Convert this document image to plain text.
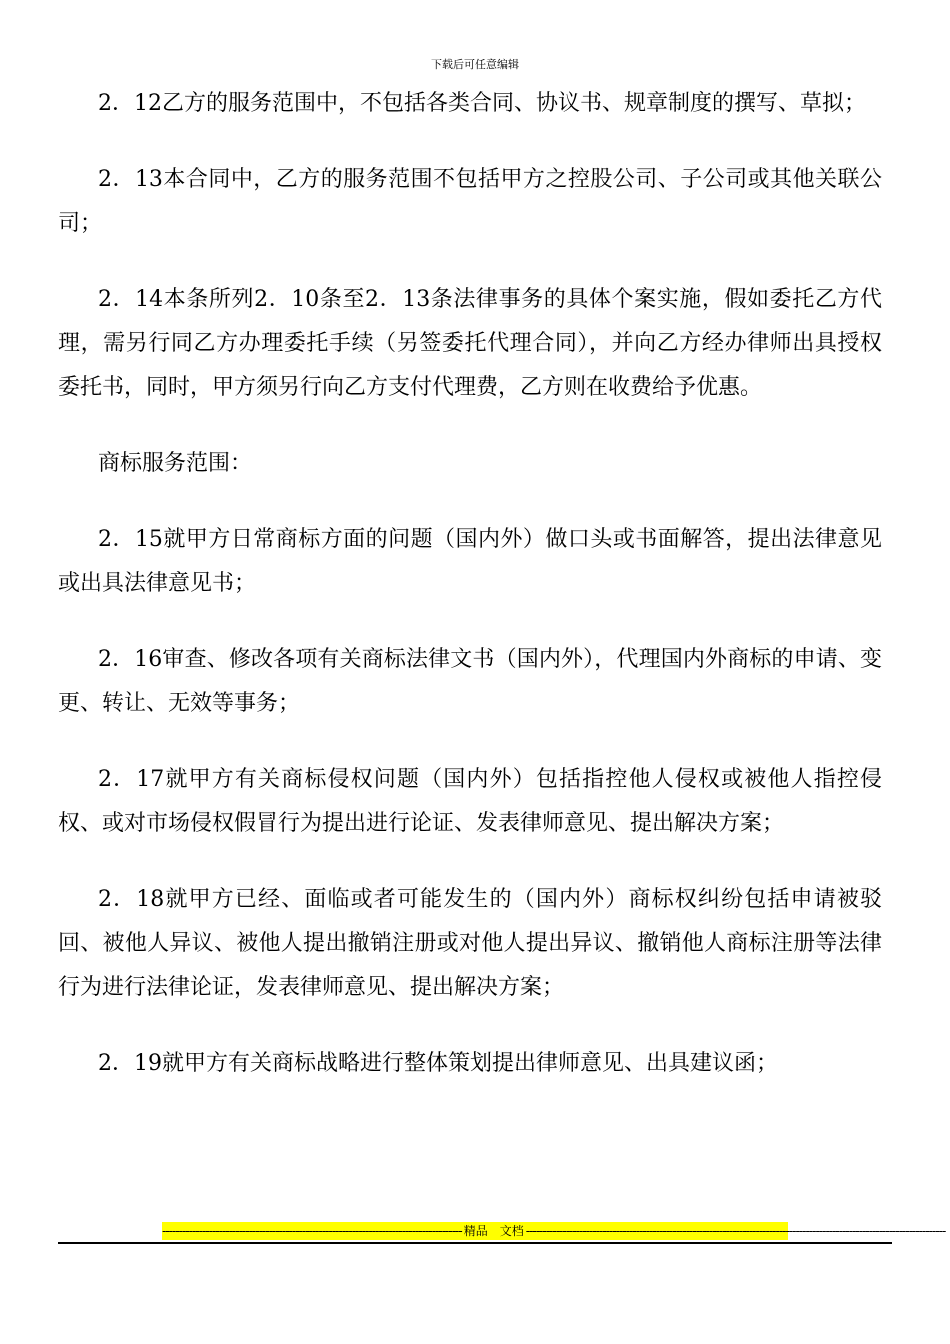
下载后可任意编辑

2．12乙方的服务范围中，不包括各类合同、协议书、规章制度的撰写、草拟；

2．13本合同中，乙方的服务范围不包括甲方之控股公司、子公司或其他关联公司；

2．14本条所列2．10条至2．13条法律事务的具体个案实施，假如委托乙方代理，需另行同乙方办理委托手续（另签委托代理合同），并向乙方经办律师出具授权委托书，同时，甲方须另行向乙方支付代理费，乙方则在收费给予优惠。

商标服务范围：

2．15就甲方日常商标方面的问题（国内外）做口头或书面解答，提出法律意见或出具法律意见书；

2．16审查、修改各项有关商标法律文书（国内外），代理国内外商标的申请、变更、转让、无效等事务；

2．17就甲方有关商标侵权问题（国内外）包括指控他人侵权或被他人指控侵权、或对市场侵权假冒行为提出进行论证、发表律师意见、提出解决方案；

2．18就甲方已经、面临或者可能发生的（国内外）商标权纠纷包括申请被驳回、被他人异议、被他人提出撤销注册或对他人提出异议、撤销他人商标注册等法律行为进行法律论证，发表律师意见、提出解决方案；

2．19就甲方有关商标战略进行整体策划提出律师意见、出具建议函；

------------------------------------------------------------------------------------------ 精品　文档 ------------------------------------------------------------------------------------------------------------------------------
